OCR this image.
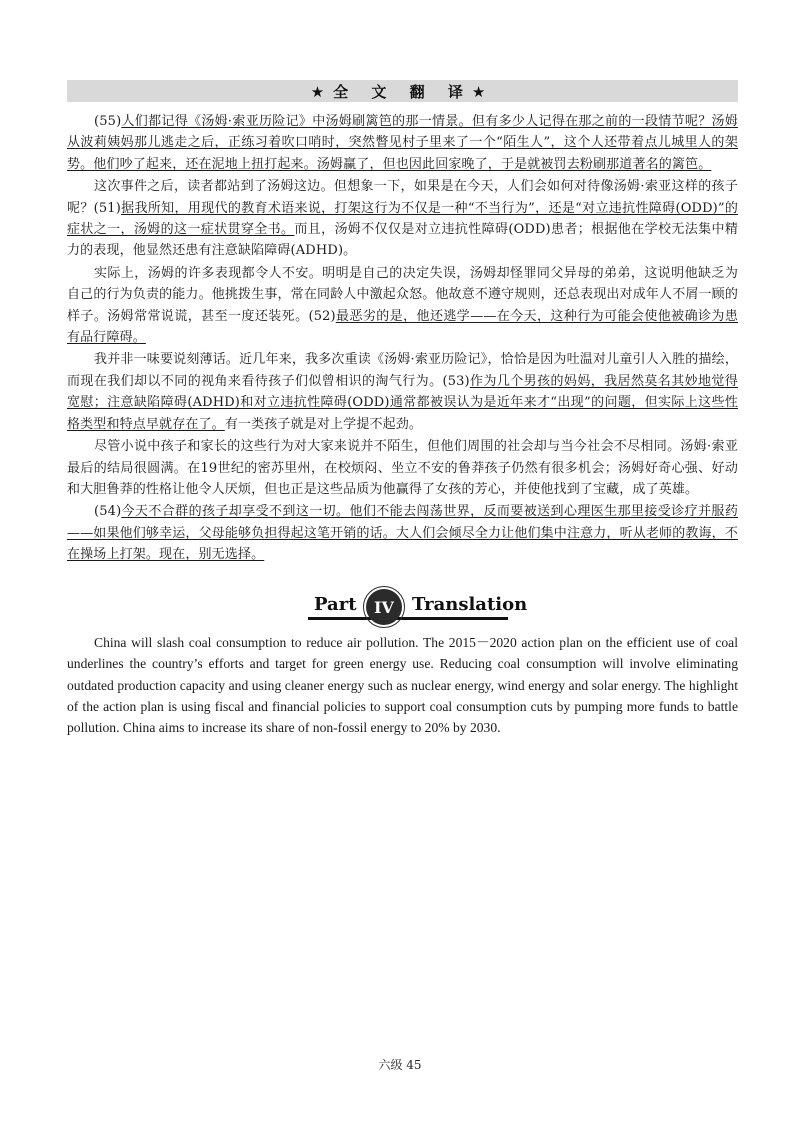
★全 文 翻 译★

(55)人们都记得《汤姆·索亚历险记》中汤姆刷篱笆的那一情景。但有多少人记得在那之前的一段情节呢？汤姆从波莉姨妈那儿逃走之后，正练习着吹口哨时，突然瞥见村子里来了一个“陌生人”，这个人还带着点儿城里人的架势。他们吵了起来，还在泥地上扭打起来。汤姆赢了，但也因此回家晚了，于是就被罚去粉刷那道著名的篱笆。

这次事件之后，读者都站到了汤姆这边。但想象一下，如果是在今天，人们会如何对待像汤姆·索亚这样的孩子呢？(51)据我所知，用现代的教育术语来说，打架这行为不仅是一种“不当行为”，还是“对立违抗性障碍(ODD)”的症状之一，汤姆的这一症状贯穿全书。而且，汤姆不仅仅是对立违抗性障碍(ODD)患者；根据他在学校无法集中精力的表现，他显然还患有注意缺陷障碍(ADHD)。

实际上，汤姆的许多表现都令人不安。明明是自己的决定失误，汤姆却怪罪同父异母的弟弟，这说明他缺乏为自己的行为负责的能力。他挑拨生事，常在同龄人中激起众怒。他故意不遵守规则，还总表现出对成年人不屑一顾的样子。汤姆常常说谎，甚至一度还装死。(52)最恶劣的是，他还逃学——在今天，这种行为可能会使他被确诊为患有品行障碍。

我并非一味要说刻薄话。近几年来，我多次重读《汤姆·索亚历险记》，恰恰是因为吐温对儿童引人入胜的描绘，而现在我们却以不同的视角来看待孩子们似曾相识的淘气行为。(53)作为几个男孩的妈妈，我居然莫名其妙地觉得宽慰；注意缺陷障碍(ADHD)和对立违抗性障碍(ODD)通常都被误认为是近年来才“出现”的问题，但实际上这些性格类型和特点早就存在了。有一类孩子就是对上学提不起劲。

尽管小说中孩子和家长的这些行为对大家来说并不陌生，但他们周围的社会却与当今社会不尽相同。汤姆·索亚最后的结局很圆满。在19世纪的密苏里州，在校烦闷、坐立不安的鲁莽孩子仍然有很多机会；汤姆好奇心强、好动和大胆鲁莽的性格让他令人厌烦，但也正是这些品质为他赢得了女孩的芳心，并使他找到了宝藏，成了英雄。

(54)今天不合群的孩子却享受不到这一切。他们不能去闯荡世界，反而要被送到心理医生那里接受诊疗并服药——如果他们够幸运，父母能够负担得起这笔开销的话。大人们会倾尽全力让他们集中注意力，听从老师的教诲，不在操场上打架。现在，别无选择。

Part IV Translation

China will slash coal consumption to reduce air pollution. The 2015－2020 action plan on the efficient use of coal underlines the country’s efforts and target for green energy use. Reducing coal consumption will involve eliminating outdated production capacity and using cleaner energy such as nuclear energy, wind energy and solar energy. The highlight of the action plan is using fiscal and financial policies to support coal consumption cuts by pumping more funds to battle pollution. China aims to increase its share of non-fossil energy to 20% by 2030.

六级 45
